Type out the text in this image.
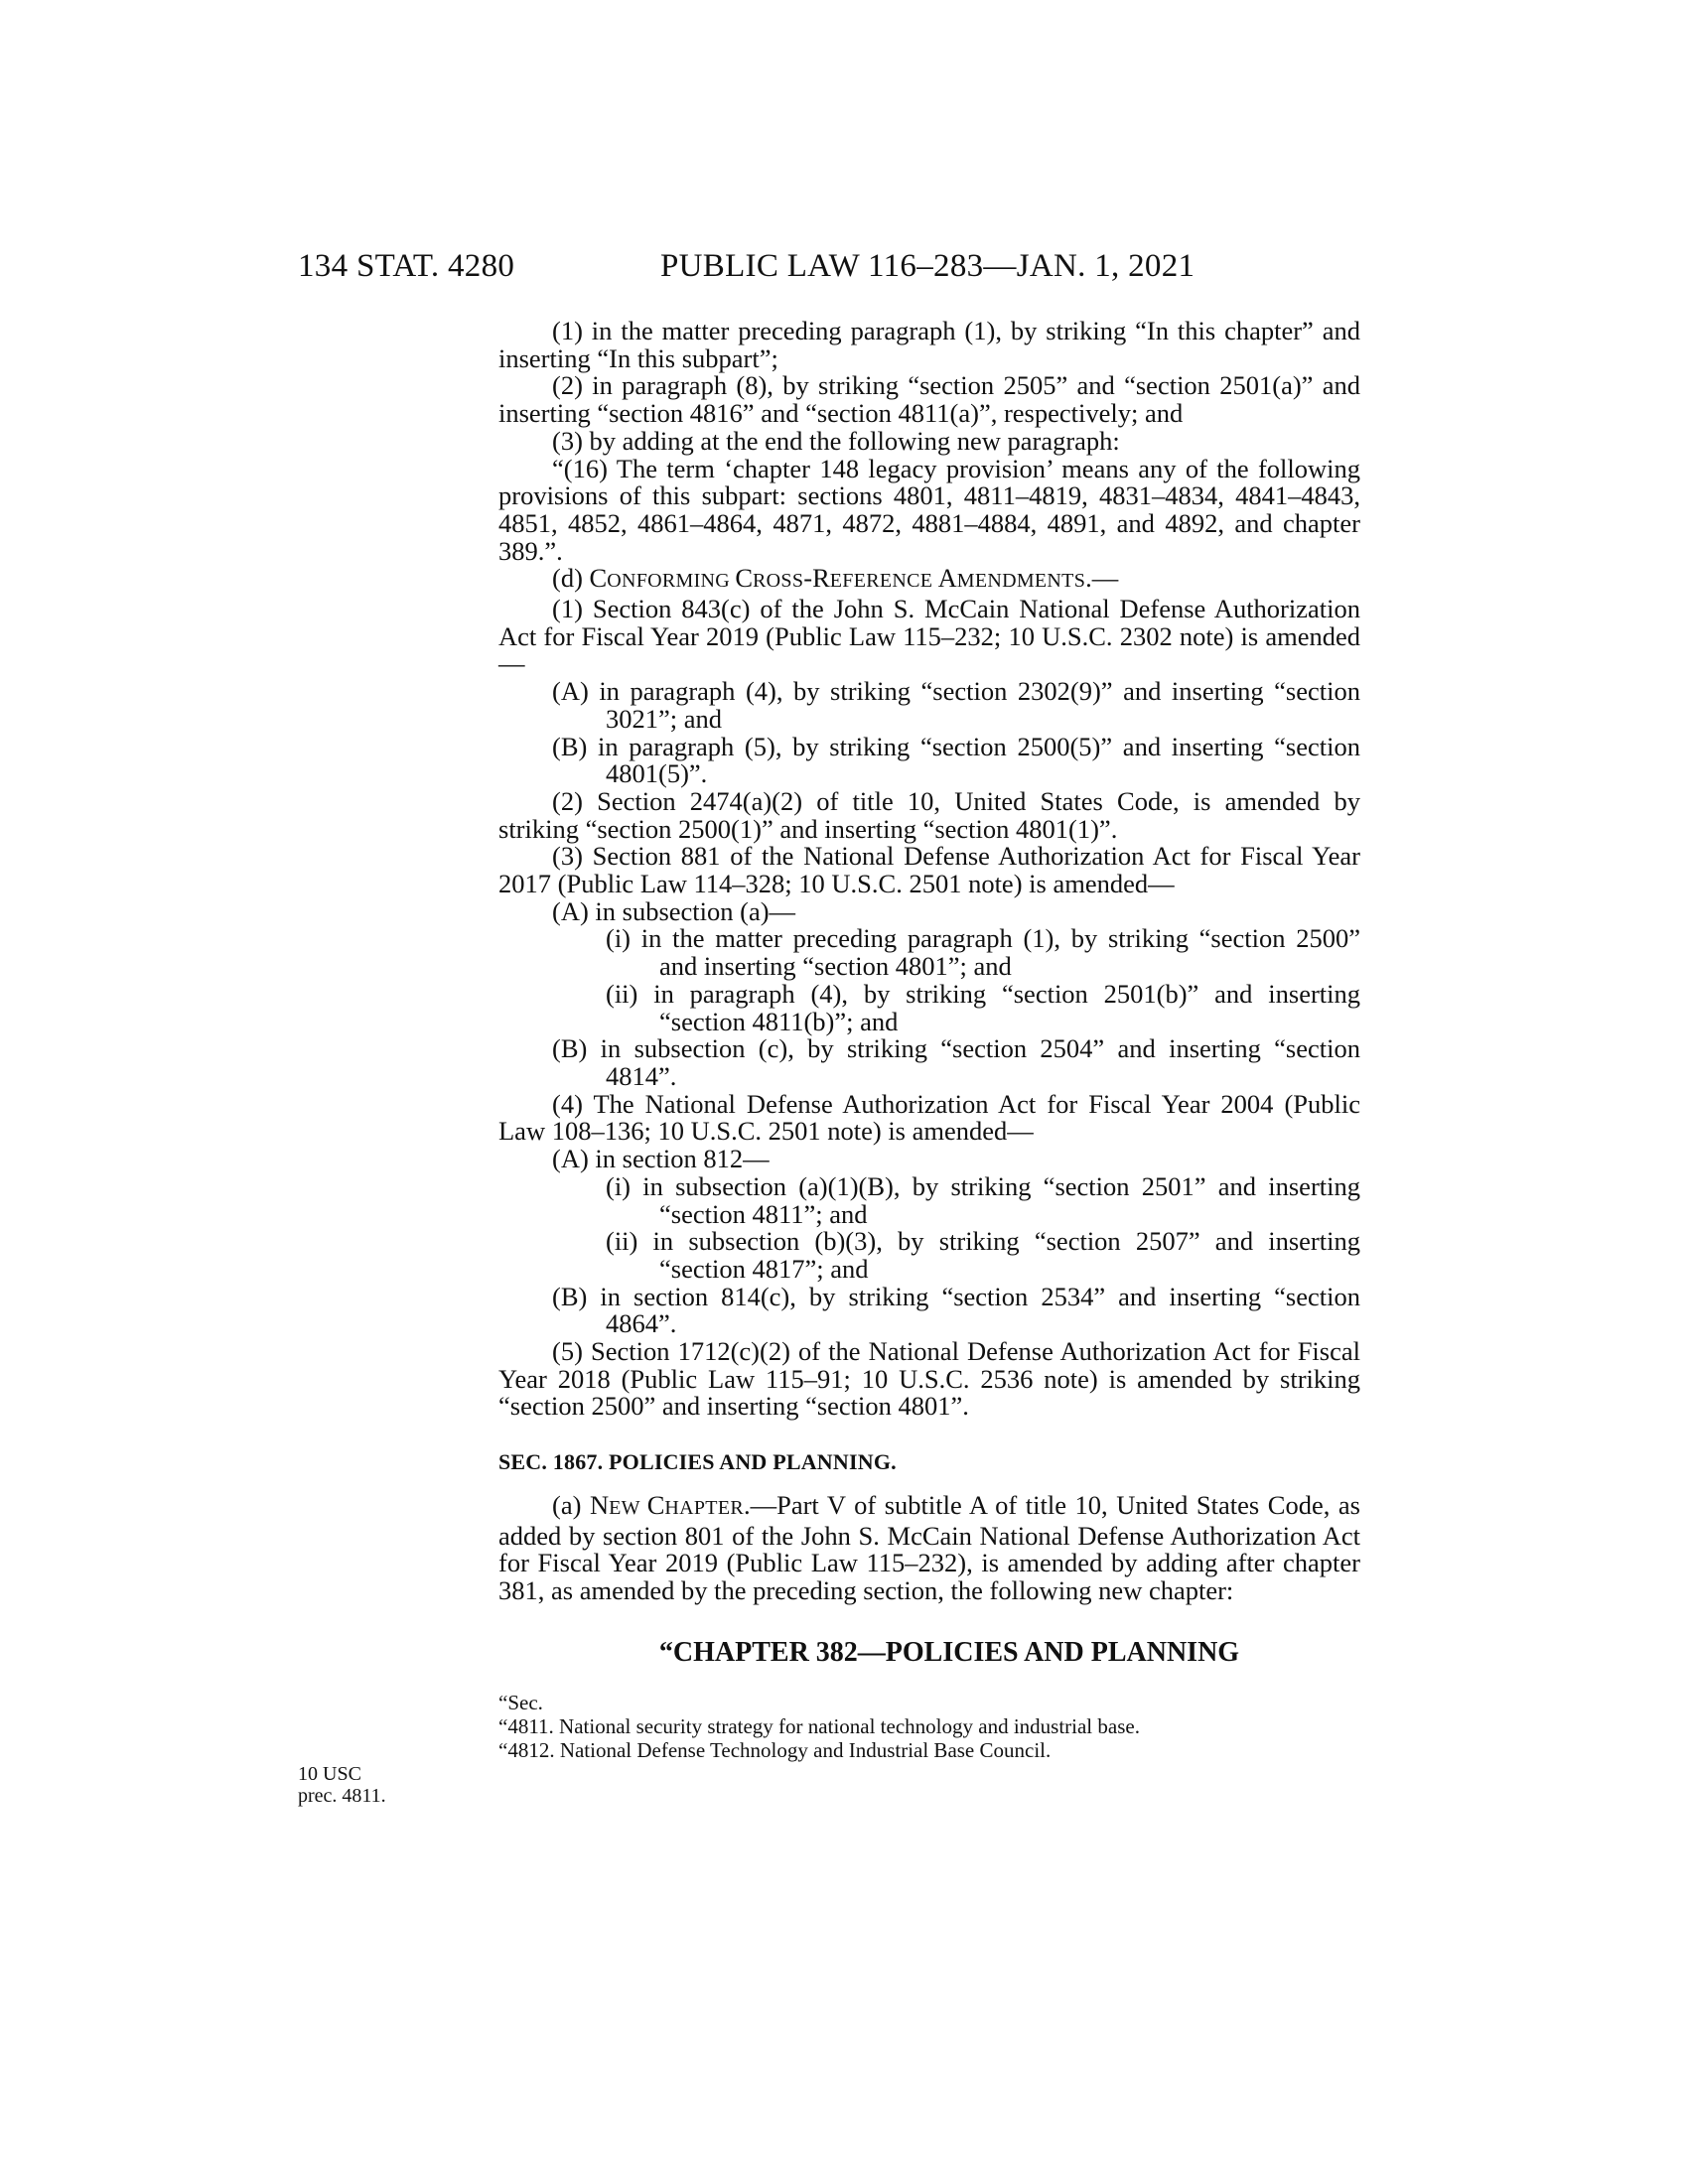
134 STAT. 4280	PUBLIC LAW 116–283—JAN. 1, 2021

(1) in the matter preceding paragraph (1), by striking “In this chapter” and inserting “In this subpart”;

(2) in paragraph (8), by striking “section 2505” and “section 2501(a)” and inserting “section 4816” and “section 4811(a)”, respectively; and

(3) by adding at the end the following new paragraph:

“(16) The term ‘chapter 148 legacy provision’ means any of the following provisions of this subpart: sections 4801, 4811–4819, 4831–4834, 4841–4843, 4851, 4852, 4861–4864, 4871, 4872, 4881–4884, 4891, and 4892, and chapter 389.”.

(d) CONFORMING CROSS-REFERENCE AMENDMENTS.—

(1) Section 843(c) of the John S. McCain National Defense Authorization Act for Fiscal Year 2019 (Public Law 115–232; 10 U.S.C. 2302 note) is amended—

(A) in paragraph (4), by striking “section 2302(9)” and inserting “section 3021”; and

(B) in paragraph (5), by striking “section 2500(5)” and inserting “section 4801(5)”.

(2) Section 2474(a)(2) of title 10, United States Code, is amended by striking “section 2500(1)” and inserting “section 4801(1)”.

(3) Section 881 of the National Defense Authorization Act for Fiscal Year 2017 (Public Law 114–328; 10 U.S.C. 2501 note) is amended—

(A) in subsection (a)—

(i) in the matter preceding paragraph (1), by striking “section 2500” and inserting “section 4801”; and

(ii) in paragraph (4), by striking “section 2501(b)” and inserting “section 4811(b)”; and

(B) in subsection (c), by striking “section 2504” and inserting “section 4814”.

(4) The National Defense Authorization Act for Fiscal Year 2004 (Public Law 108–136; 10 U.S.C. 2501 note) is amended—

(A) in section 812—

(i) in subsection (a)(1)(B), by striking “section 2501” and inserting “section 4811”; and

(ii) in subsection (b)(3), by striking “section 2507” and inserting “section 4817”; and

(B) in section 814(c), by striking “section 2534” and inserting “section 4864”.

(5) Section 1712(c)(2) of the National Defense Authorization Act for Fiscal Year 2018 (Public Law 115–91; 10 U.S.C. 2536 note) is amended by striking “section 2500” and inserting “section 4801”.

SEC. 1867. POLICIES AND PLANNING.

(a) NEW CHAPTER.—Part V of subtitle A of title 10, United States Code, as added by section 801 of the John S. McCain National Defense Authorization Act for Fiscal Year 2019 (Public Law 115–232), is amended by adding after chapter 381, as amended by the preceding section, the following new chapter:

“CHAPTER 382—POLICIES AND PLANNING
“Sec.
“4811. National security strategy for national technology and industrial base.
“4812. National Defense Technology and Industrial Base Council.
10 USC
prec. 4811.
